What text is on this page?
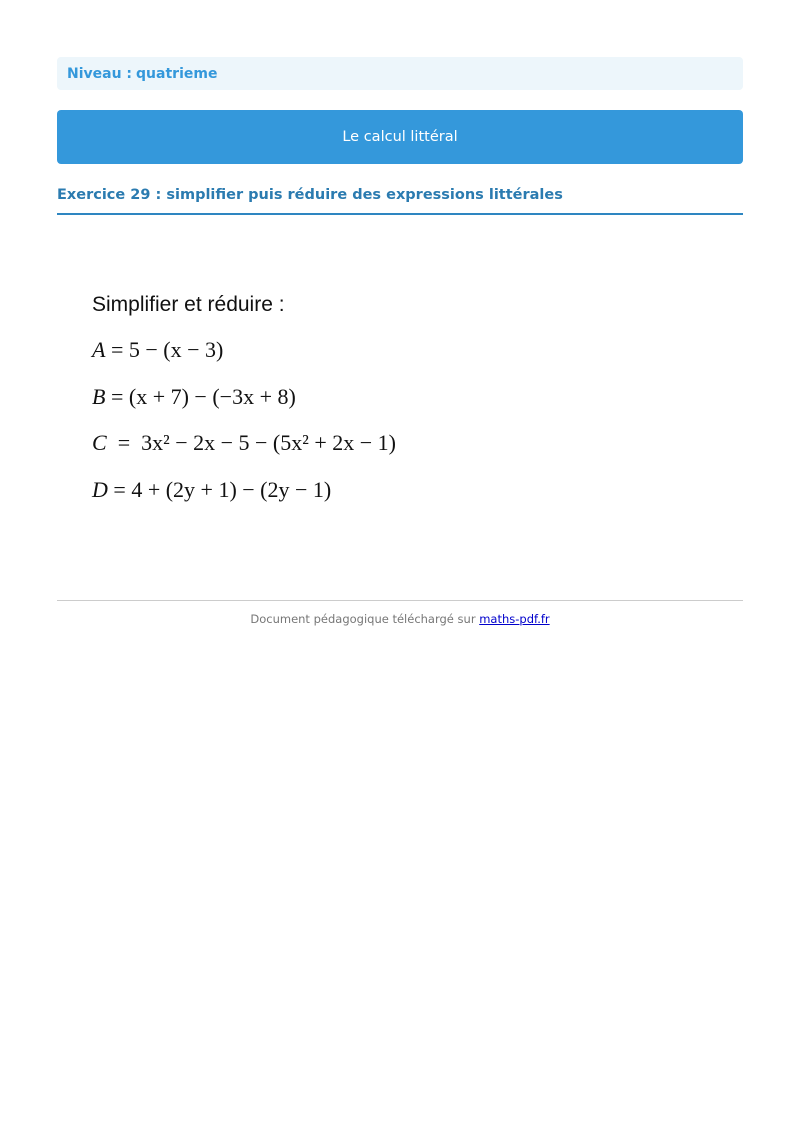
Niveau : quatrieme
Le calcul littéral
Exercice 29 : simplifier puis réduire des expressions littérales
Simplifier et réduire :
A = 5 − (x − 3)
B = (x + 7) − (−3x + 8)
C  =  3x² − 2x − 5 − (5x² + 2x − 1)
D = 4 + (2y + 1) − (2y − 1)
Document pédagogique téléchargé sur maths-pdf.fr
